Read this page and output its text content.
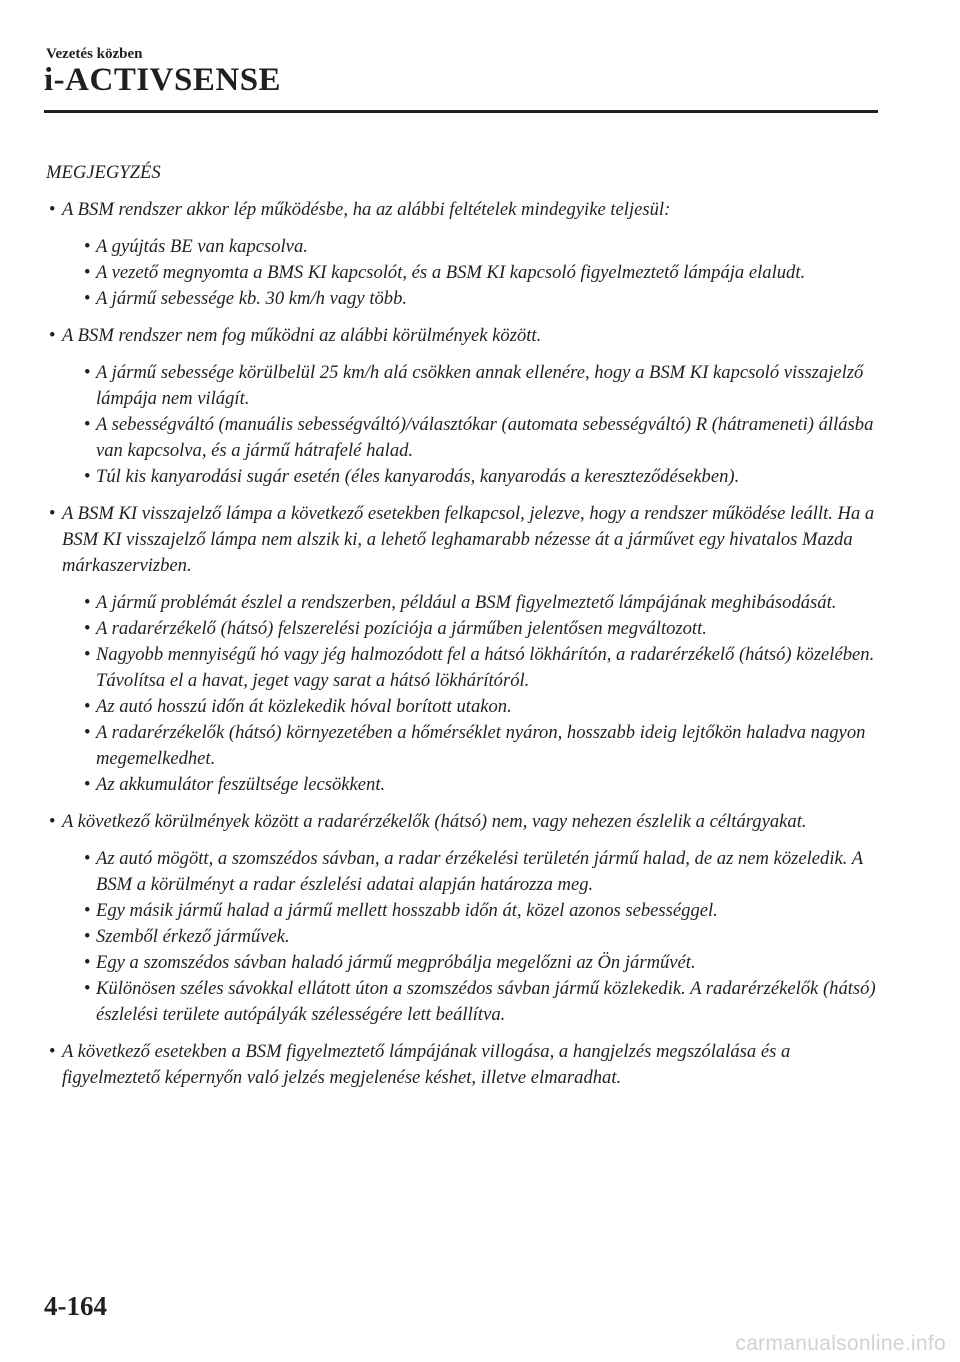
Vezetés közben
i-ACTIVSENSE
MEGJEGYZÉS
• A BSM rendszer akkor lép működésbe, ha az alábbi feltételek mindegyike teljesül:
• A gyújtás BE van kapcsolva.
• A vezető megnyomta a BMS KI kapcsolót, és a BSM KI kapcsoló figyelmeztető lámpája elaludt.
• A jármű sebessége kb. 30 km/h vagy több.
• A BSM rendszer nem fog működni az alábbi körülmények között.
• A jármű sebessége körülbelül 25 km/h alá csökken annak ellenére, hogy a BSM KI kapcsoló visszajelző lámpája nem világít.
• A sebességváltó (manuális sebességváltó)/választókar (automata sebességváltó) R (hátrameneti) állásba van kapcsolva, és a jármű hátrafelé halad.
• Túl kis kanyarodási sugár esetén (éles kanyarodás, kanyarodás a kereszteződésekben).
• A BSM KI visszajelző lámpa a következő esetekben felkapcsol, jelezve, hogy a rendszer működése leállt. Ha a BSM KI visszajelző lámpa nem alszik ki, a lehető leghamarabb nézesse át a járművet egy hivatalos Mazda márkaszervizben.
• A jármű problémát észlel a rendszerben, például a BSM figyelmeztető lámpájának meghibásodását.
• A radarérzékelő (hátsó) felszerelési pozíciója a járműben jelentősen megváltozott.
• Nagyobb mennyiségű hó vagy jég halmozódott fel a hátsó lökhárítón, a radarérzékelő (hátsó) közelében. Távolítsa el a havat, jeget vagy sarat a hátsó lökhárítóról.
• Az autó hosszú időn át közlekedik hóval borított utakon.
• A radarérzékelők (hátsó) környezetében a hőmérséklet nyáron, hosszabb ideig lejtőkön haladva nagyon megemelkedhet.
• Az akkumulátor feszültsége lecsökkent.
• A következő körülmények között a radarérzékelők (hátsó) nem, vagy nehezen észlelik a céltárgyakat.
• Az autó mögött, a szomszédos sávban, a radar érzékelési területén jármű halad, de az nem közeledik. A BSM a körülményt a radar észlelési adatai alapján határozza meg.
• Egy másik jármű halad a jármű mellett hosszabb időn át, közel azonos sebességgel.
• Szemből érkező járművek.
• Egy a szomszédos sávban haladó jármű megpróbálja megelőzni az Ön járművét.
• Különösen széles sávokkal ellátott úton a szomszédos sávban jármű közlekedik. A radarérzékelők (hátsó) észlelési területe autópályák szélességére lett beállítva.
• A következő esetekben a BSM figyelmeztető lámpájának villogása, a hangjelzés megszólalása és a figyelmeztető képernyőn való jelzés megjelenése késhet, illetve elmaradhat.
4-164
carmanualsonline.info
